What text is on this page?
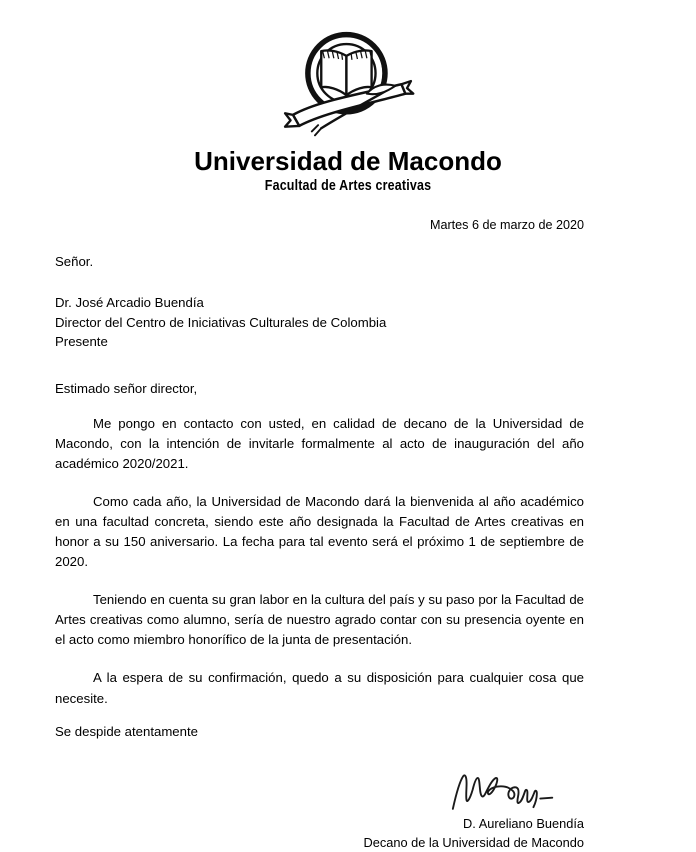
Universidad de Macondo
Facultad de Artes creativas
Martes 6 de marzo de 2020
Señor.
Dr. José Arcadio Buendía
Director del Centro de Iniciativas Culturales de Colombia
Presente
Estimado señor director,

Me pongo en contacto con usted, en calidad de decano de la Universidad de Macondo, con la intención de invitarle formalmente al acto de inauguración del año académico 2020/2021.

Como cada año, la Universidad de Macondo dará la bienvenida al año académico en una facultad concreta, siendo este año designada la Facultad de Artes creativas en honor a su 150 aniversario. La fecha para tal evento será el próximo 1 de septiembre de 2020.

Teniendo en cuenta su gran labor en la cultura del país y su paso por la Facultad de Artes creativas como alumno, sería de nuestro agrado contar con su presencia oyente en el acto como miembro honorífico de la junta de presentación.

A la espera de su confirmación, quedo a su disposición para cualquier cosa que necesite.

Se despide atentamente
D. Aureliano Buendía
Decano de la Universidad de Macondo
